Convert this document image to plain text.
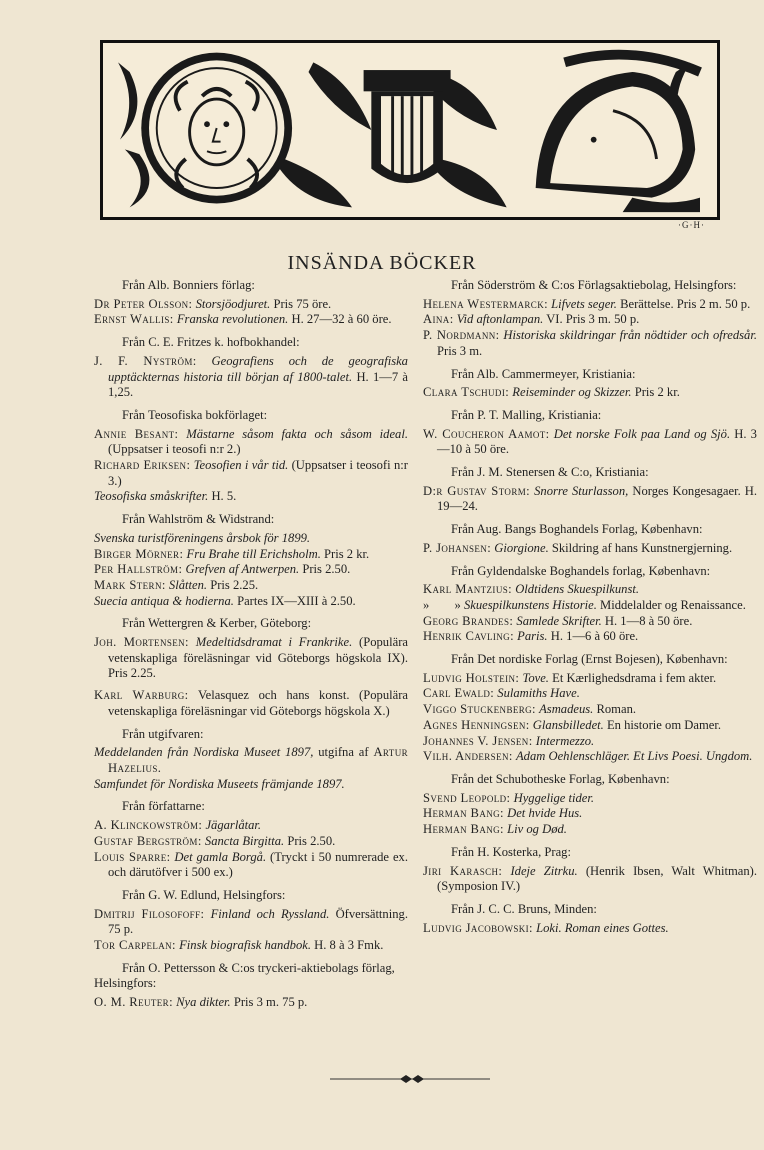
·G·H·
INSÄNDA BÖCKER
Från Alb. Bonniers förlag:
Dr Peter Olsson: Storsjöodjuret. Pris 75 öre.
Ernst Wallis: Franska revolutionen. H. 27—32 à 60 öre.
Från C. E. Fritzes k. hofbokhandel:
J. F. Nyström: Geografiens och de geografiska upptäckternas historia till början af 1800-talet. H. 1—7 à 1,25.
Från Teosofiska bokförlaget:
Annie Besant: Mästarne såsom fakta och såsom ideal. (Uppsatser i teosofi n:r 2.)
Richard Eriksen: Teosofien i vår tid. (Uppsatser i teosofi n:r 3.)
Teosofiska småskrifter. H. 5.
Från Wahlström & Widstrand:
Svenska turistföreningens årsbok för 1899.
Birger Mörner: Fru Brahe till Erichsholm. Pris 2 kr.
Per Hallström: Grefven af Antwerpen. Pris 2.50.
Mark Stern: Slåtten. Pris 2.25.
Suecia antiqua & hodierna. Partes IX—XIII à 2.50.
Från Wettergren & Kerber, Göteborg:
Joh. Mortensen: Medeltidsdramat i Frankrike. (Populära vetenskapliga föreläsningar vid Göteborgs högskola IX). Pris 2.25.
Karl Warburg: Velasquez och hans konst. (Populära vetenskapliga föreläsningar vid Göteborgs högskola X.)
Från utgifvaren:
Meddelanden från Nordiska Museet 1897, utgifna af Artur Hazelius.
Samfundet för Nordiska Museets främjande 1897.
Från författarne:
A. Klinckowström: Jägarlåtar.
Gustaf Bergström: Sancta Birgitta. Pris 2.50.
Louis Sparre: Det gamla Borgå. (Tryckt i 50 numrerade ex. och därutöfver i 500 ex.)
Från G. W. Edlund, Helsingfors:
Dmitrij Filosofoff: Finland och Ryssland. Öfversättning. 75 p.
Tor Carpelan: Finsk biografisk handbok. H. 8 à 3 Fmk.
Från O. Pettersson & C:os tryckeri-aktiebolags förlag, Helsingfors:
O. M. Reuter: Nya dikter. Pris 3 m. 75 p.
Från Söderström & C:os Förlagsaktiebolag, Helsingfors:
Helena Westermarck: Lifvets seger. Berättelse. Pris 2 m. 50 p.
Aina: Vid aftonlampan. VI. Pris 3 m. 50 p.
P. Nordmann: Historiska skildringar från nödtider och ofredsår. Pris 3 m.
Från Alb. Cammermeyer, Kristiania:
Clara Tschudi: Reiseminder og Skizzer. Pris 2 kr.
Från P. T. Malling, Kristiania:
W. Coucheron Aamot: Det norske Folk paa Land og Sjö. H. 3—10 à 50 öre.
Från J. M. Stenersen & C:o, Kristiania:
D:r Gustav Storm: Snorre Sturlasson, Norges Kongesagaer. H. 19—24.
Från Aug. Bangs Boghandels Forlag, København:
P. Johansen: Giorgione. Skildring af hans Kunstnergjerning.
Från Gyldendalske Boghandels forlag, København:
Karl Mantzius: Oldtidens Skuespilkunst.
»        » Skuespilkunstens Historie. Middelalder og Renaissance.
Georg Brandes: Samlede Skrifter. H. 1—8 à 50 öre.
Henrik Cavling: Paris. H. 1—6 à 60 öre.
Från Det nordiske Forlag (Ernst Bojesen), København:
Ludvig Holstein: Tove. Et Kærlighedsdrama i fem akter.
Carl Ewald: Sulamiths Have.
Viggo Stuckenberg: Asmadeus. Roman.
Agnes Henningsen: Glansbilledet. En historie om Damer.
Johannes V. Jensen: Intermezzo.
Vilh. Andersen: Adam Oehlenschläger. Et Livs Poesi. Ungdom.
Från det Schubotheske Forlag, København:
Svend Leopold: Hyggelige tider.
Herman Bang: Det hvide Hus.
Herman Bang: Liv og Død.
Från H. Kosterka, Prag:
Jiri Karasch: Ideje Zitrku. (Henrik Ibsen, Walt Whitman). (Symposion IV.)
Från J. C. C. Bruns, Minden:
Ludvig Jacobowski: Loki. Roman eines Gottes.
